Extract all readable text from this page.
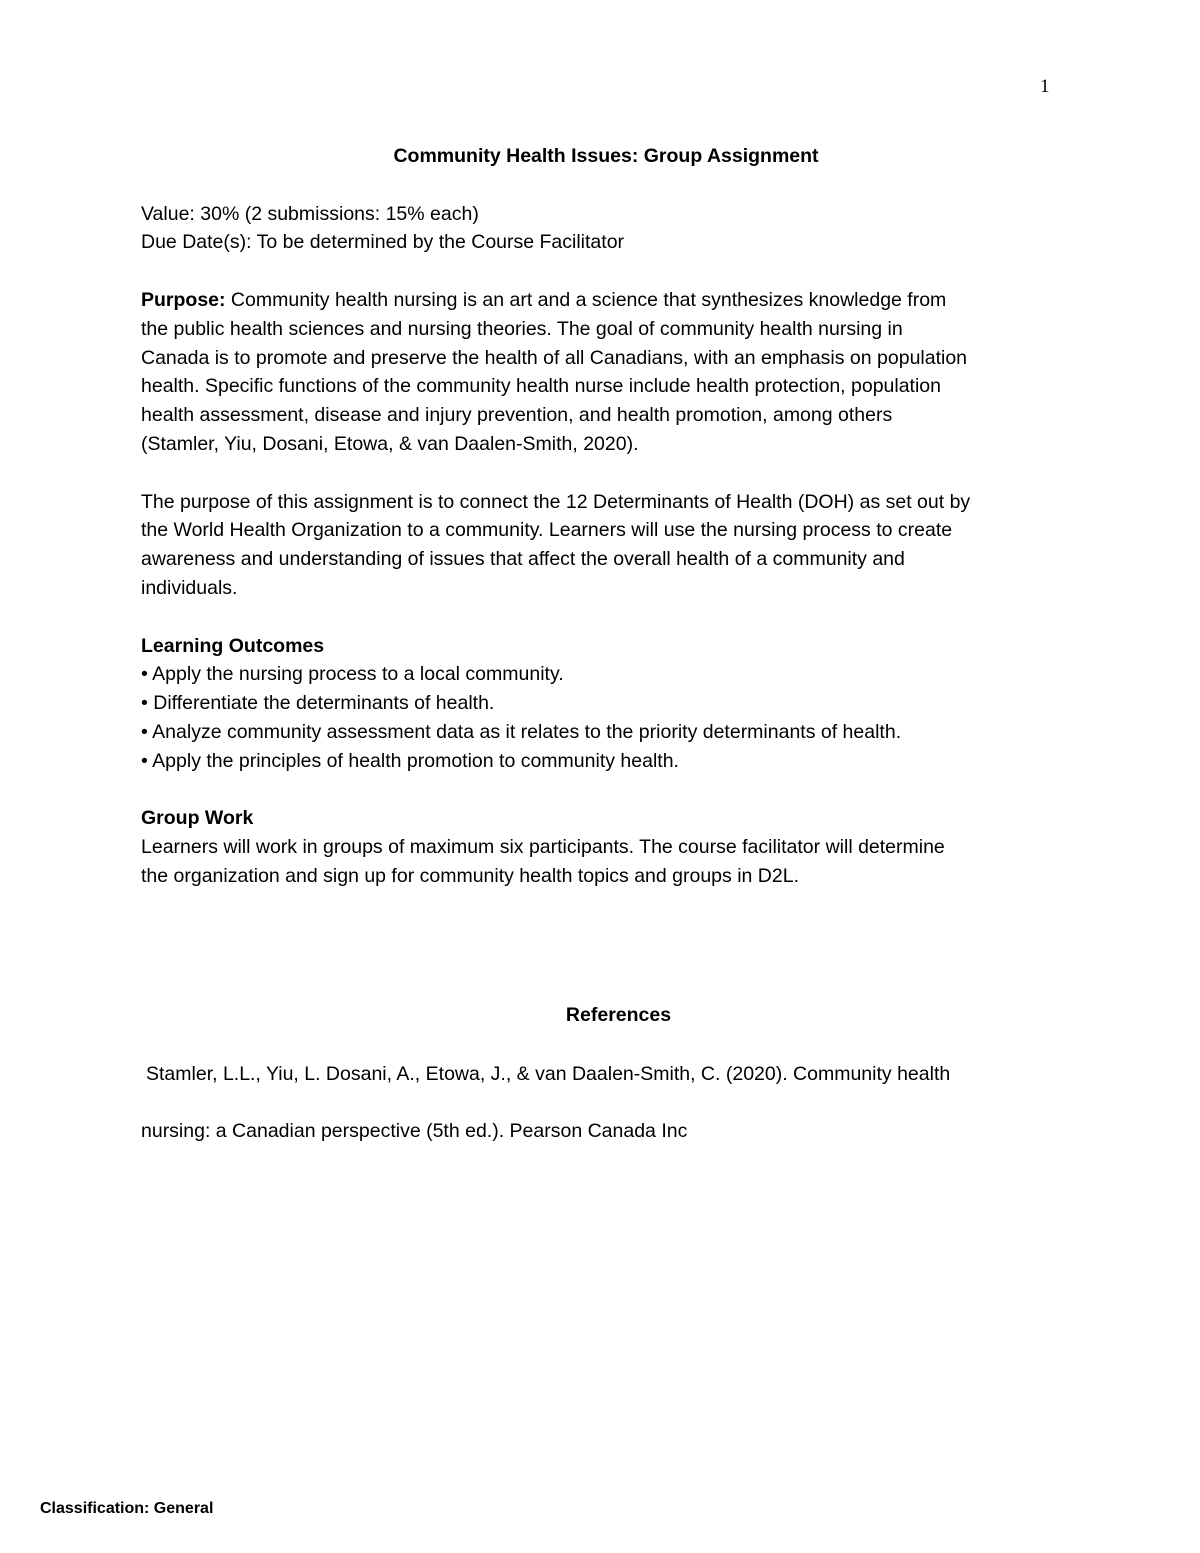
1

Community Health Issues: Group Assignment

Value: 30% (2 submissions: 15% each)

Due Date(s): To be determined by the Course Facilitator

Purpose: Community health nursing is an art and a science that synthesizes knowledge from

the public health sciences and nursing theories. The goal of community health nursing in

Canada is to promote and preserve the health of all Canadians, with an emphasis on population

health. Specific functions of the community health nurse include health protection, population

health assessment, disease and injury prevention, and health promotion, among others

(Stamler, Yiu, Dosani, Etowa, & van Daalen-Smith, 2020).

The purpose of this assignment is to connect the 12 Determinants of Health (DOH) as set out by

the World Health Organization to a community. Learners will use the nursing process to create

awareness and understanding of issues that affect the overall health of a community and

individuals.

Learning Outcomes

• Apply the nursing process to a local community.

• Differentiate the determinants of health.

• Analyze community assessment data as it relates to the priority determinants of health.

• Apply the principles of health promotion to community health.

Group Work

Learners will work in groups of maximum six participants. The course facilitator will determine

the organization and sign up for community health topics and groups in D2L.

References

Stamler, L.L., Yiu, L. Dosani, A., Etowa, J., & van Daalen-Smith, C. (2020). Community health
nursing: a Canadian perspective (5th ed.). Pearson Canada Inc
Classification: General
